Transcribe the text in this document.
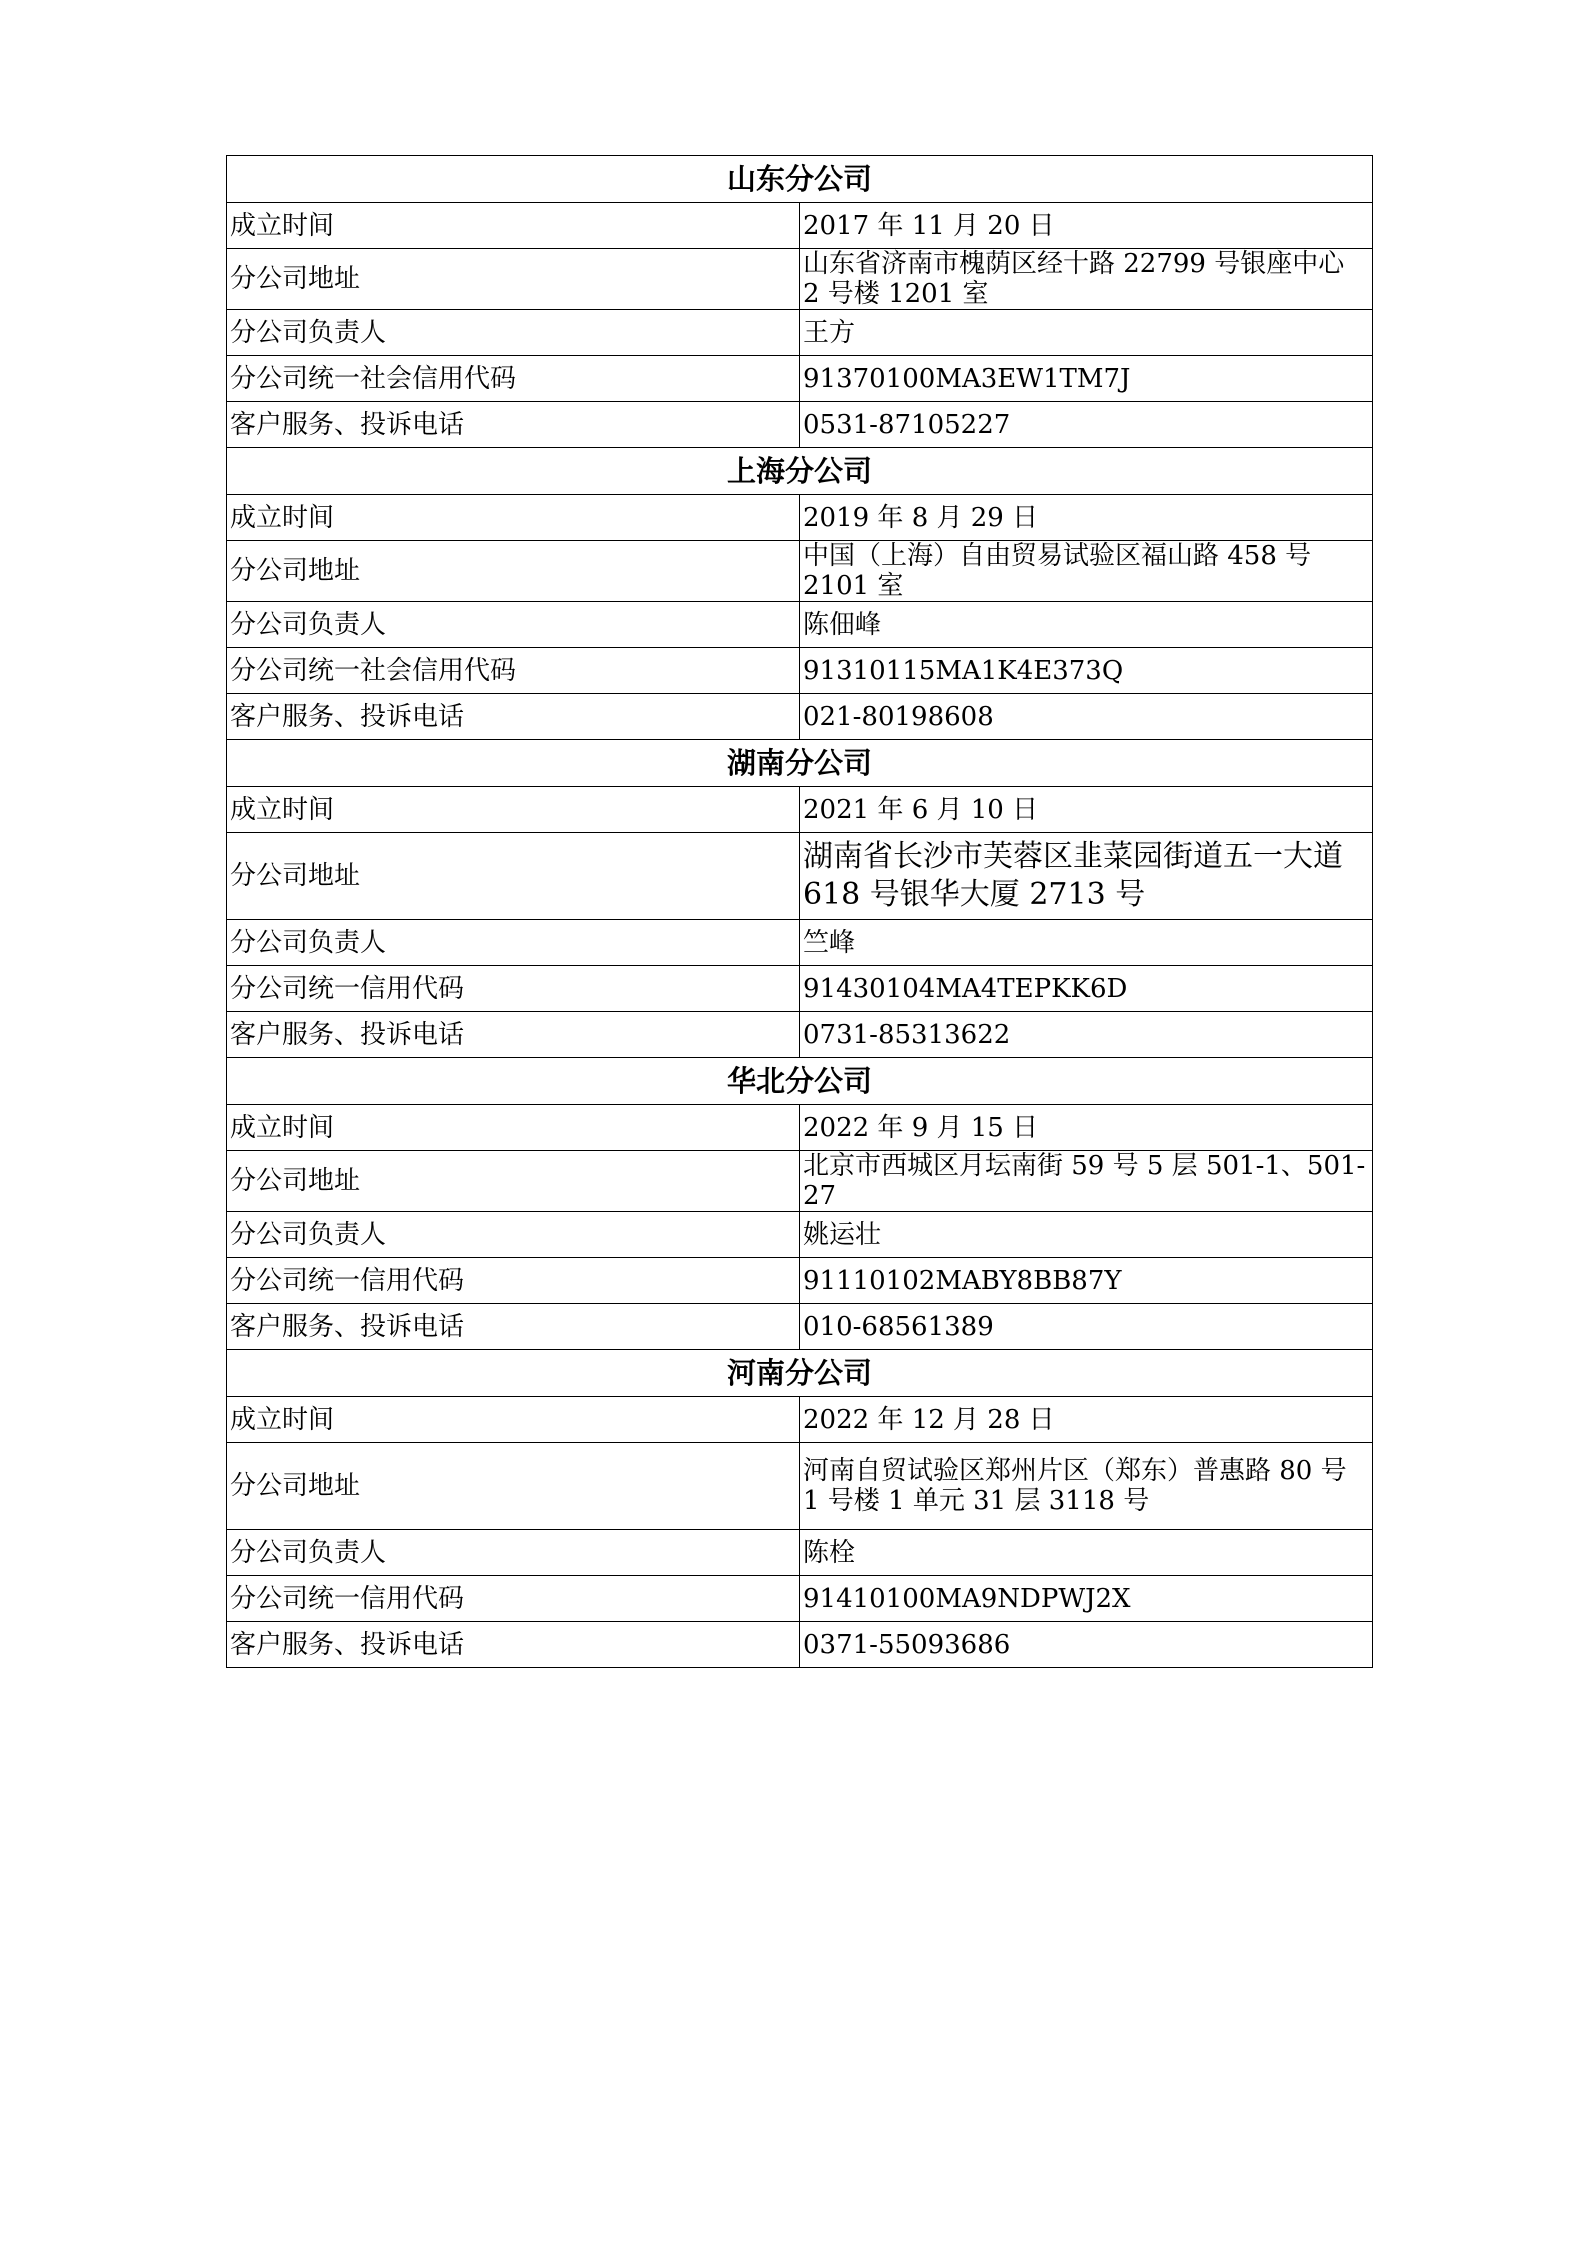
山东分公司	
成立时间	2017 年 11 月 20 日
分公司地址	山东省济南市槐荫区经十路 22799 号银座中心 2 号楼 1201 室
分公司负责人	王方
分公司统一社会信用代码	91370100MA3EW1TM7J
客户服务、投诉电话	0531-87105227
上海分公司	
成立时间	2019 年 8 月 29 日
分公司地址	中国（上海）自由贸易试验区福山路 458 号 2101 室
分公司负责人	陈佃峰
分公司统一社会信用代码	91310115MA1K4E373Q
客户服务、投诉电话	021-80198608
湖南分公司	
成立时间	2021 年 6 月 10 日
分公司地址	湖南省长沙市芙蓉区韭菜园街道五一大道 618 号银华大厦 2713 号
分公司负责人	竺峰
分公司统一信用代码	91430104MA4TEPKK6D
客户服务、投诉电话	0731-85313622
华北分公司	
成立时间	2022 年 9 月 15 日
分公司地址	北京市西城区月坛南街 59 号 5 层 501-1、501-27
分公司负责人	姚运壮
分公司统一信用代码	91110102MABY8BB87Y
客户服务、投诉电话	010-68561389
河南分公司	
成立时间	2022 年 12 月 28 日
分公司地址	河南自贸试验区郑州片区（郑东）普惠路 80 号 1 号楼 1 单元 31 层 3118 号
分公司负责人	陈栓
分公司统一信用代码	91410100MA9NDPWJ2X
客户服务、投诉电话	0371-55093686
